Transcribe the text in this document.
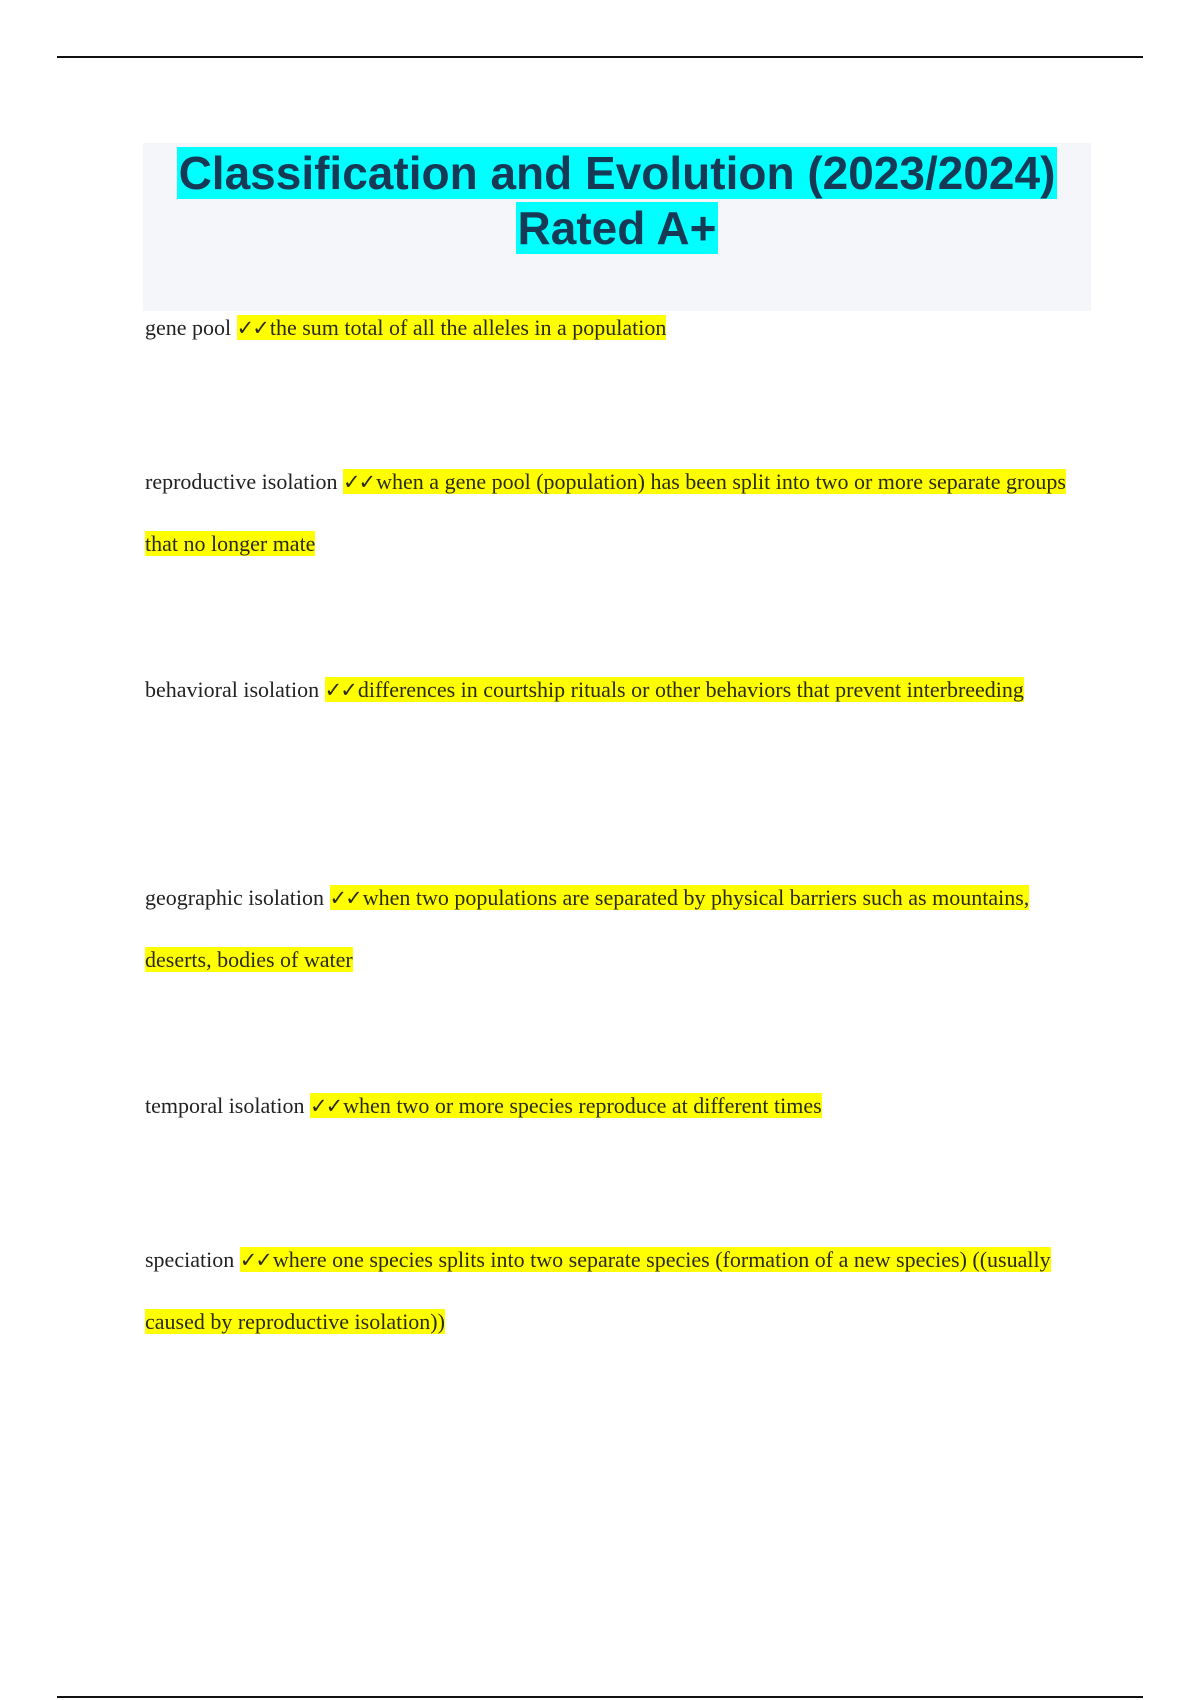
Classification and Evolution (2023/2024)
Rated A+

gene pool ✓✓the sum total of all the alleles in a population

reproductive isolation ✓✓when a gene pool (population) has been split into two or more separate groups that no longer mate

behavioral isolation ✓✓differences in courtship rituals or other behaviors that prevent interbreeding

geographic isolation ✓✓when two populations are separated by physical barriers such as mountains, deserts, bodies of water

temporal isolation ✓✓when two or more species reproduce at different times

speciation ✓✓where one species splits into two separate species (formation of a new species) ((usually caused by reproductive isolation))
